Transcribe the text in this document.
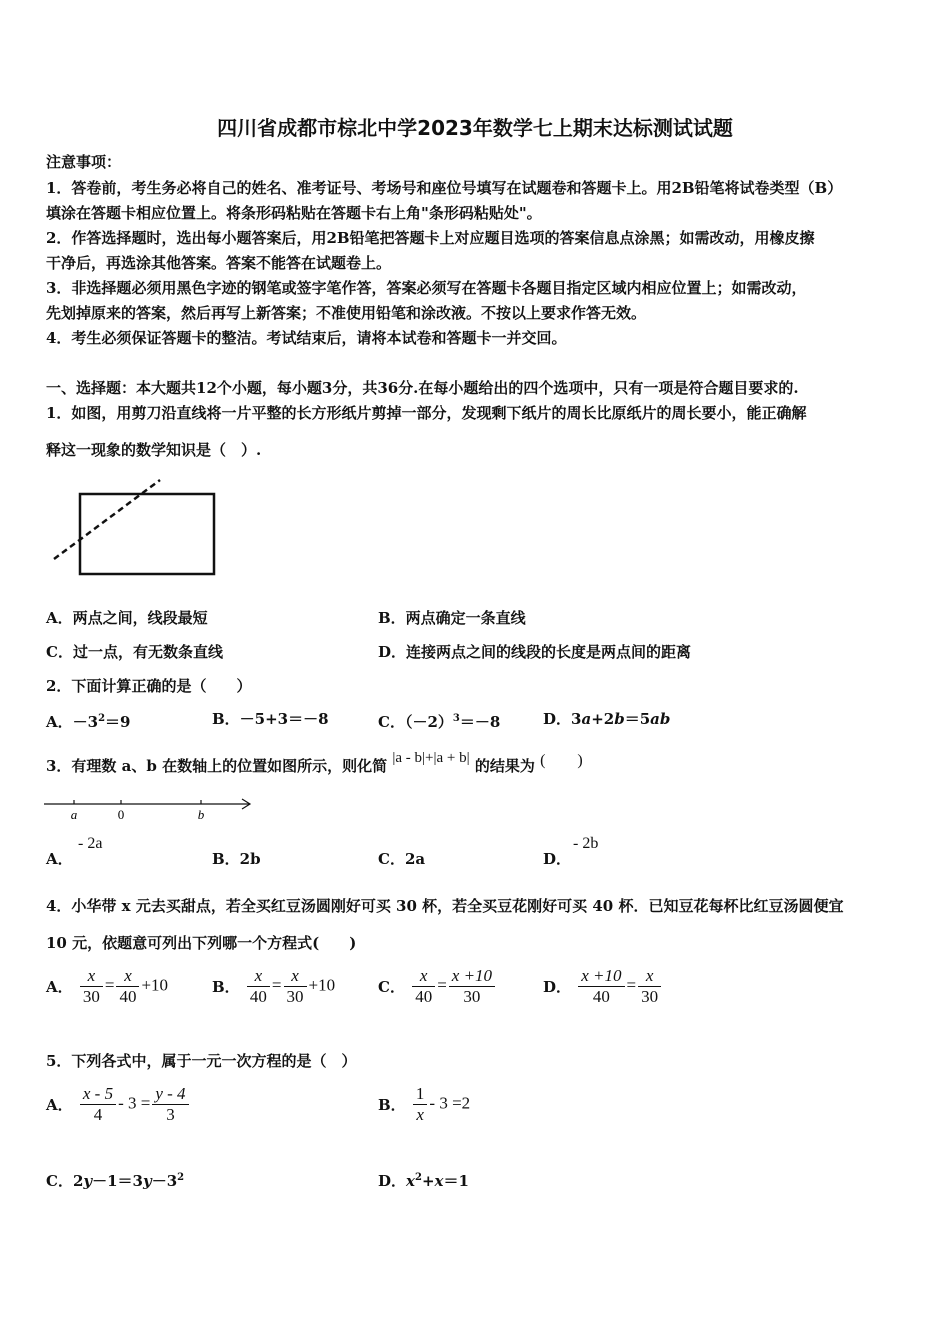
四川省成都市棕北中学2023年数学七上期末达标测试试题
注意事项：
1．答卷前，考生务必将自己的姓名、准考证号、考场号和座位号填写在试题卷和答题卡上。用2B铅笔将试卷类型（B）
填涂在答题卡相应位置上。将条形码粘贴在答题卡右上角"条形码粘贴处"。
2．作答选择题时，选出每小题答案后，用2B铅笔把答题卡上对应题目选项的答案信息点涂黑；如需改动，用橡皮擦
干净后，再选涂其他答案。答案不能答在试题卷上。
3．非选择题必须用黑色字迹的钢笔或签字笔作答，答案必须写在答题卡各题目指定区域内相应位置上；如需改动，
先划掉原来的答案，然后再写上新答案；不准使用铅笔和涂改液。不按以上要求作答无效。
4．考生必须保证答题卡的整洁。考试结束后，请将本试卷和答题卡一并交回。
一、选择题：本大题共12个小题，每小题3分，共36分.在每小题给出的四个选项中，只有一项是符合题目要求的.
1．如图，用剪刀沿直线将一片平整的长方形纸片剪掉一部分，发现剩下纸片的周长比原纸片的周长要小，能正确解
释这一现象的数学知识是（　）.
A．两点之间，线段最短	B．两点确定一条直线
C．过一点，有无数条直线	D．连接两点之间的线段的长度是两点间的距离
2．下面计算正确的是（　　）
A．$-3^2=9$	B．－5+3＝－8	C．$(-2)^3=-8$	D．3a+2b＝5ab
3．有理数 a、b 在数轴上的位置如图所示，则化简 |a - b|+|a + b| 的结果为 (　　)
a	0	b
A．
- 2a
B．2b	C．2a	D．
- 2b
4．小华带 x 元去买甜点，若全买红豆汤圆刚好可买 30 杯，若全买豆花刚好可买 40 杯．已知豆花每杯比红豆汤圆便宜
10 元，依题意可列出下列哪一个方程式(　　)
A． $\frac{x}{30} = \frac{x}{40} +10$	B． $\frac{x}{40} = \frac{x}{30} +10$	C． $\frac{x}{40} = \frac{x +10}{30}$	D． $\frac{x +10}{40} = \frac{x}{30}$
5．下列各式中，属于一元一次方程的是（　）
A． $\frac{x - 5}{4} - 3 = \frac{y - 4}{3}$	B． $\frac{1}{x} - 3 =2$
C．$2y-1=3y-3^2$	D．$x^2+x=1$
